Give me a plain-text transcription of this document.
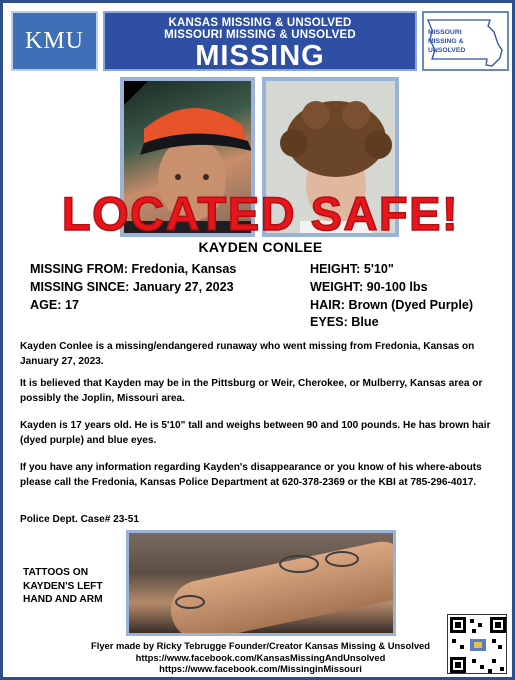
KMU
KANSAS MISSING & UNSOLVED
MISSOURI MISSING & UNSOLVED
MISSING
MISSOURI
MISSING &
UNSOLVED
LOCATED SAFE!
KAYDEN CONLEE
MISSING FROM: Fredonia, Kansas
MISSING SINCE: January 27, 2023
AGE: 17
HEIGHT: 5'10"
WEIGHT: 90-100 lbs
HAIR: Brown (Dyed Purple)
EYES: Blue
Kayden Conlee is a missing/endangered runaway who went missing from Fredonia, Kansas on January 27, 2023.
It is believed that Kayden may be in the Pittsburg or Weir, Cherokee, or Mulberry, Kansas area or possibly the Joplin, Missouri area.
Kayden is 17 years old. He is 5'10" tall and weighs between 90 and 100 pounds. He has brown hair (dyed purple) and blue eyes.
If you have any information regarding Kayden's disappearance or you know of his where-abouts please call the Fredonia, Kansas Police Department at 620-378-2369 or the KBI at 785-296-4017.
Police Dept. Case# 23-51
TATTOOS ON
KAYDEN'S LEFT
HAND AND ARM
Flyer made by Ricky Tebrugge Founder/Creator Kansas Missing & Unsolved
https://www.facebook.com/KansasMissingAndUnsolved
https://www.facebook.com/MissinginMissouri
